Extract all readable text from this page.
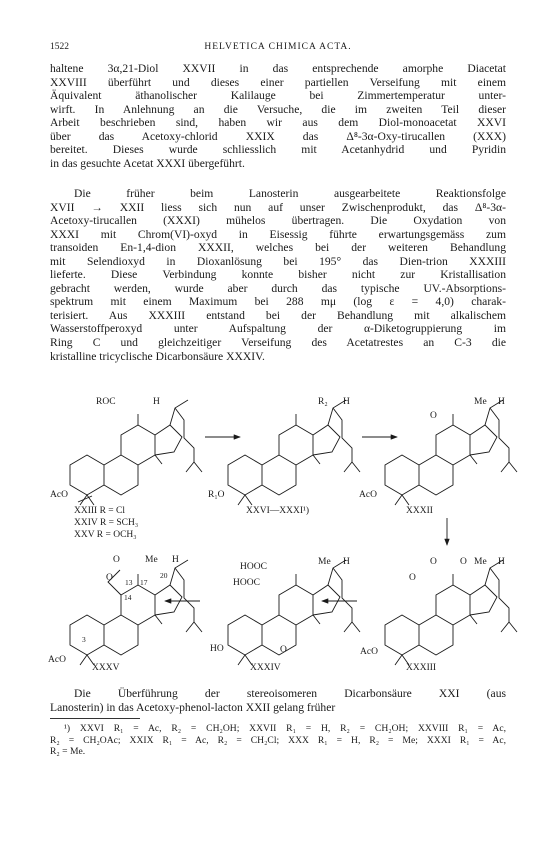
1522	HELVETICA CHIMICA ACTA.
haltene 3α,21-Diol XXVII in das entsprechende amorphe Diacetat
XXVIII überführt und dieses einer partiellen Verseifung mit einem
Äquivalent äthanolischer Kalilauge bei Zimmertemperatur unter-
wirft. In Anlehnung an die Versuche, die im zweiten Teil dieser
Arbeit beschrieben sind, haben wir aus dem Diol-monoacetat XXVI
über das Acetoxy-chlorid XXIX das Δ⁸-3α-Oxy-tirucallen (XXX)
bereitet. Dieses wurde schliesslich mit Acetanhydrid und Pyridin
in das gesuchte Acetat XXXI übergeführt.
Die früher beim Lanosterin ausgearbeitete Reaktionsfolge
XVII → XXII liess sich nun auf unser Zwischenprodukt, das Δ⁸-3α-
Acetoxy-tirucallen (XXXI) mühelos übertragen. Die Oxydation von
XXXI mit Chrom(VI)-oxyd in Eisessig führte erwartungsgemäss zum
transoiden En-1,4-dion XXXII, welches bei der weiteren Behandlung
mit Selendioxyd in Dioxanlösung bei 195° das Dien-trion XXXIII
lieferte. Diese Verbindung konnte bisher nicht zur Kristallisation
gebracht werden, wurde aber durch das typische UV.-Absorptions-
spektrum mit einem Maximum bei 288 mμ (log ε = 4,0) charak-
terisiert. Aus XXXIII entstand bei der Behandlung mit alkalischem
Wasserstoffperoxyd unter Aufspaltung der α-Diketogruppierung im
Ring C und gleichzeitiger Verseifung des Acetatrestes an C-3 die
kristalline tricyclische Dicarbonsäure XXXIV.
ROC	H
AcO
XXIII R = Cl
XXIV R = SCH₃
XXV R = OCH₃
R₂ H
R₁O
XXVI—XXXI¹)
Me H
O
AcO
XXXII
O O Me H
O
AcO
XXXIII
HOOC
HOOC
Me H
HO	O
XXXIV
O
O
Me H
13 17
20
14
3
AcO
XXXV
Die Überführung der stereoisomeren Dicarbonsäure XXI (aus
Lanosterin) in das Acetoxy-phenol-lacton XXII gelang früher
¹) XXVI R₁ = Ac, R₂ = CH₂OH; XXVII R₁ = H, R₂ = CH₂OH; XXVIII R₁ = Ac,
R₂ = CH₂OAc; XXIX R₁ = Ac, R₂ = CH₂Cl; XXX R₁ = H, R₂ = Me; XXXI R₁ = Ac,
R₂ = Me.
